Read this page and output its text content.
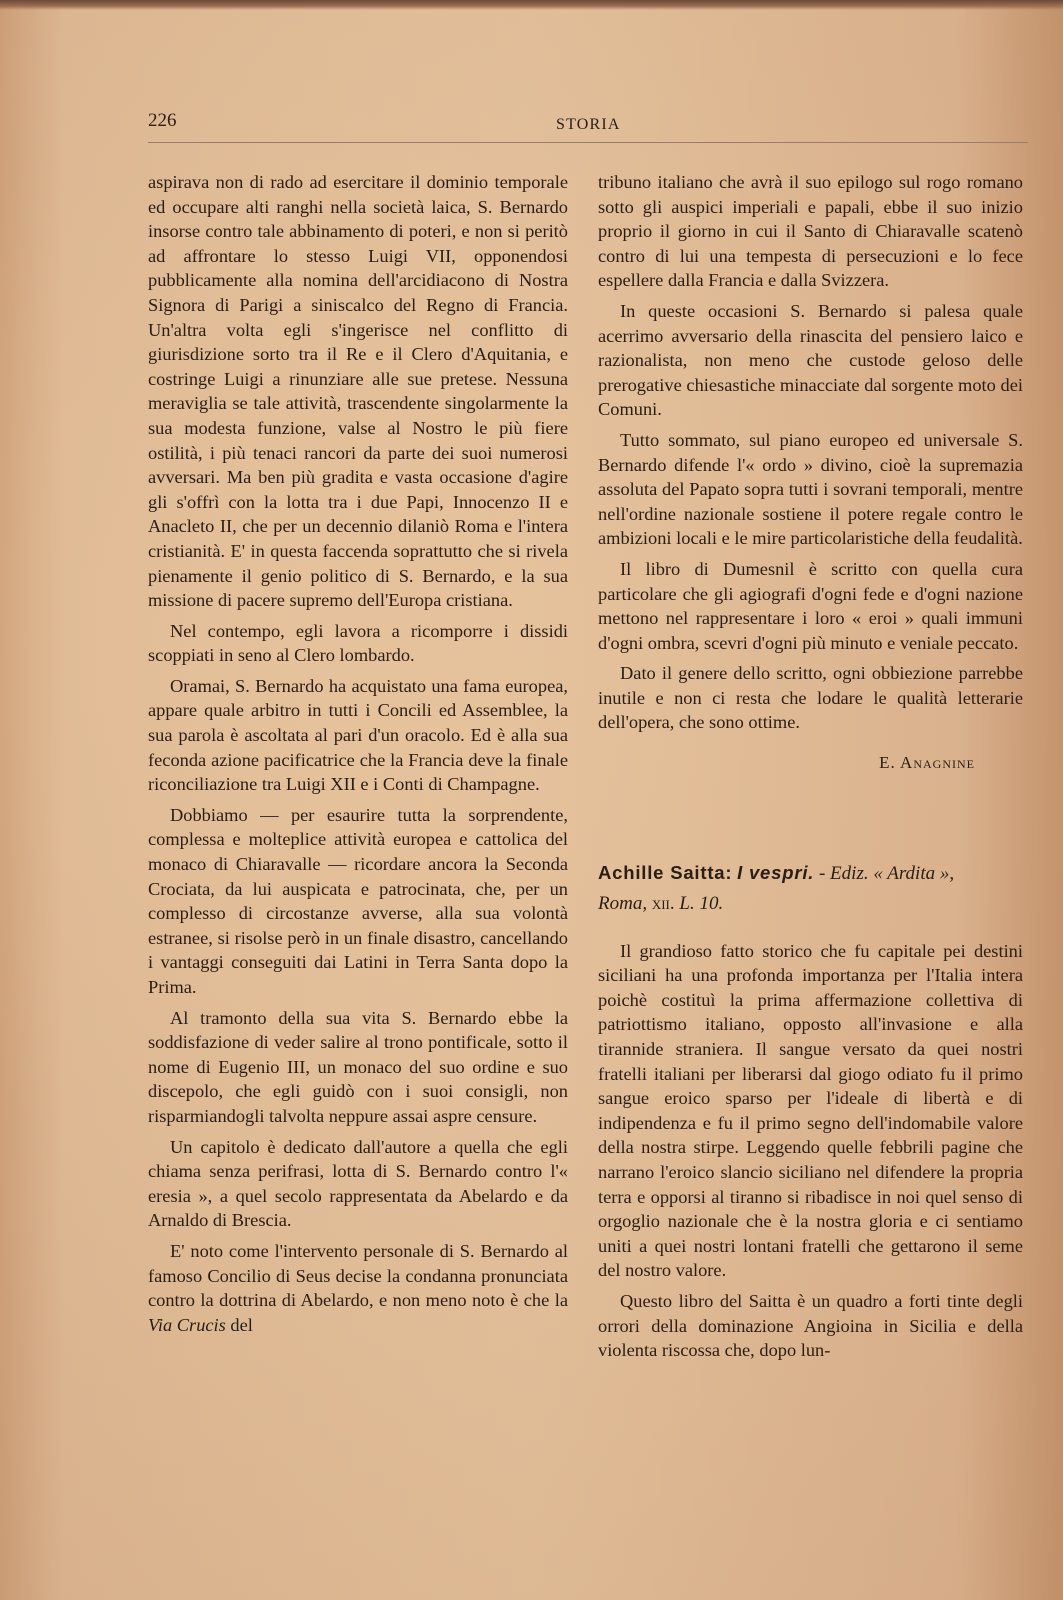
226	STORIA

aspirava non di rado ad esercitare il dominio temporale ed occupare alti ranghi nella società laica, S. Bernardo insorse contro tale abbinamento di poteri, e non si peritò ad affrontare lo stesso Luigi VII, opponendosi pubblicamente alla nomina dell'arcidiacono di Nostra Signora di Parigi a siniscalco del Regno di Francia. Un'altra volta egli s'ingerisce nel conflitto di giurisdizione sorto tra il Re e il Clero d'Aquitania, e costringe Luigi a rinunziare alle sue pretese. Nessuna meraviglia se tale attività, trascendente singolarmente la sua modesta funzione, valse al Nostro le più fiere ostilità, i più tenaci rancori da parte dei suoi numerosi avversari. Ma ben più gradita e vasta occasione d'agire gli s'offrì con la lotta tra i due Papi, Innocenzo II e Anacleto II, che per un decennio dilaniò Roma e l'intera cristianità. E' in questa faccenda soprattutto che si rivela pienamente il genio politico di S. Bernardo, e la sua missione di pacere supremo dell'Europa cristiana.

Nel contempo, egli lavora a ricomporre i dissidi scoppiati in seno al Clero lombardo.

Oramai, S. Bernardo ha acquistato una fama europea, appare quale arbitro in tutti i Concili ed Assemblee, la sua parola è ascoltata al pari d'un oracolo. Ed è alla sua feconda azione pacificatrice che la Francia deve la finale riconciliazione tra Luigi XII e i Conti di Champagne.

Dobbiamo — per esaurire tutta la sorprendente, complessa e molteplice attività europea e cattolica del monaco di Chiaravalle — ricordare ancora la Seconda Crociata, da lui auspicata e patrocinata, che, per un complesso di circostanze avverse, alla sua volontà estranee, si risolse però in un finale disastro, cancellando i vantaggi conseguiti dai Latini in Terra Santa dopo la Prima.

Al tramonto della sua vita S. Bernardo ebbe la soddisfazione di veder salire al trono pontificale, sotto il nome di Eugenio III, un monaco del suo ordine e suo discepolo, che egli guidò con i suoi consigli, non risparmiandogli talvolta neppure assai aspre censure.

Un capitolo è dedicato dall'autore a quella che egli chiama senza perifrasi, lotta di S. Bernardo contro l'« eresia », a quel secolo rappresentata da Abelardo e da Arnaldo di Brescia.

E' noto come l'intervento personale di S. Bernardo al famoso Concilio di Seus decise la condanna pronunciata contro la dottrina di Abelardo, e non meno noto è che la Via Crucis del

tribuno italiano che avrà il suo epilogo sul rogo romano sotto gli auspici imperiali e papali, ebbe il suo inizio proprio il giorno in cui il Santo di Chiaravalle scatenò contro di lui una tempesta di persecuzioni e lo fece espellere dalla Francia e dalla Svizzera.

In queste occasioni S. Bernardo si palesa quale acerrimo avversario della rinascita del pensiero laico e razionalista, non meno che custode geloso delle prerogative chiesastiche minacciate dal sorgente moto dei Comuni.

Tutto sommato, sul piano europeo ed universale S. Bernardo difende l'« ordo » divino, cioè la supremazia assoluta del Papato sopra tutti i sovrani temporali, mentre nell'ordine nazionale sostiene il potere regale contro le ambizioni locali e le mire particolaristiche della feudalità.

Il libro di Dumesnil è scritto con quella cura particolare che gli agiografi d'ogni fede e d'ogni nazione mettono nel rappresentare i loro « eroi » quali immuni d'ogni ombra, scevri d'ogni più minuto e veniale peccato.

Dato il genere dello scritto, ogni obbiezione parrebbe inutile e non ci resta che lodare le qualità letterarie dell'opera, che sono ottime.

E. Anagnine
Achille Saitta: I vespri. - Ediz. « Ardita »,
Roma, xii. L. 10.

Il grandioso fatto storico che fu capitale pei destini siciliani ha una profonda importanza per l'Italia intera poichè costituì la prima affermazione collettiva di patriottismo italiano, opposto all'invasione e alla tirannide straniera. Il sangue versato da quei nostri fratelli italiani per liberarsi dal giogo odiato fu il primo sangue eroico sparso per l'ideale di libertà e di indipendenza e fu il primo segno dell'indomabile valore della nostra stirpe. Leggendo quelle febbrili pagine che narrano l'eroico slancio siciliano nel difendere la propria terra e opporsi al tiranno si ribadisce in noi quel senso di orgoglio nazionale che è la nostra gloria e ci sentiamo uniti a quei nostri lontani fratelli che gettarono il seme del nostro valore.

Questo libro del Saitta è un quadro a forti tinte degli orrori della dominazione Angioina in Sicilia e della violenta riscossa che, dopo lun-
